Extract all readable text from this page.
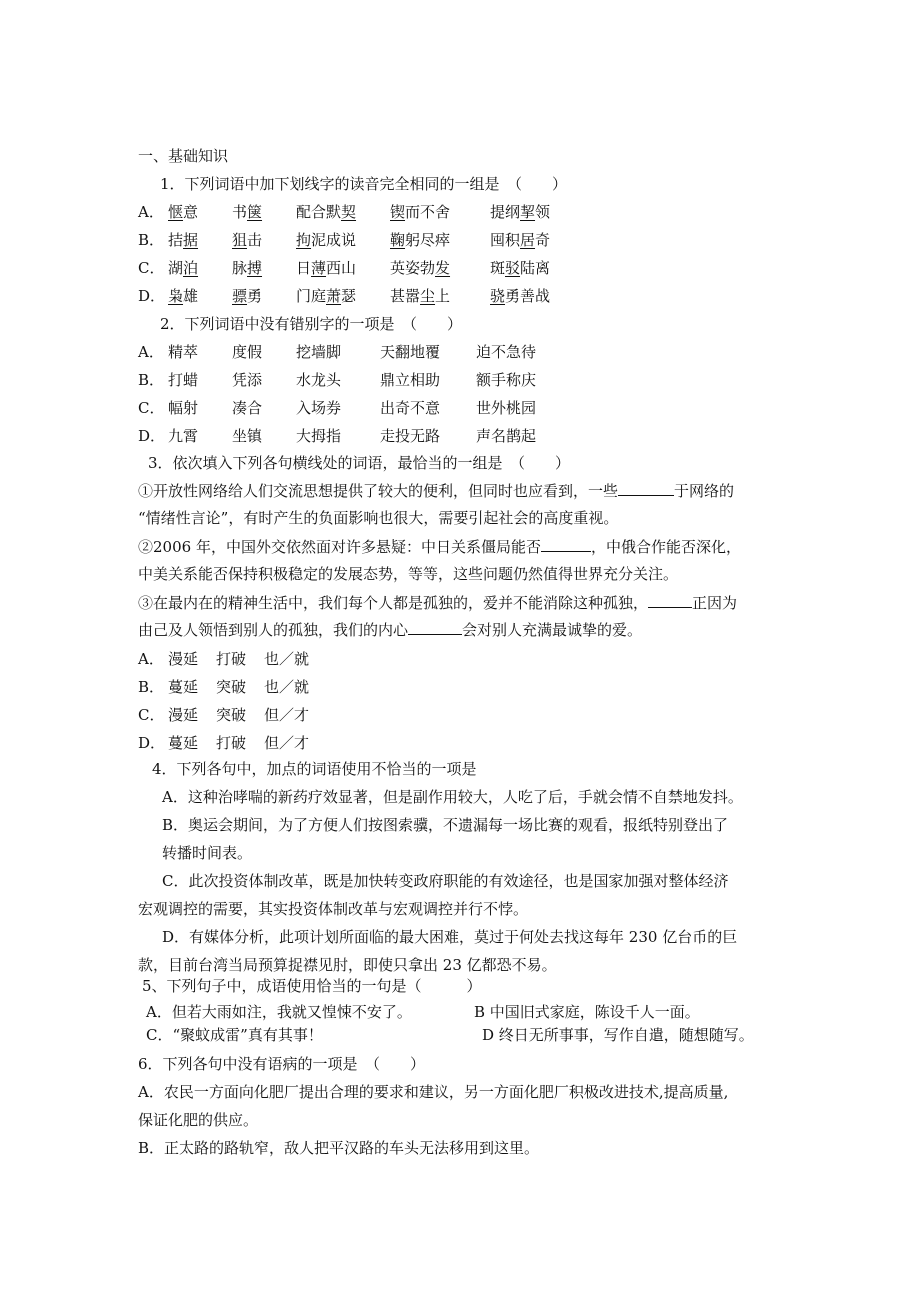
一、基础知识
1．下列词语中加下划线字的读音完全相同的一组是　（　　）
A． 惬意 书箧 配合默契 锲而不舍	提纲挈领
B． 拮据 狙击 拘泥成说 鞠躬尽瘁	囤积居奇
C． 湖泊 脉搏 日薄西山 英姿勃发	斑驳陆离
D． 枭雄 骠勇 门庭萧瑟 甚嚣尘上	骁勇善战
2．下列词语中没有错别字的一项是　（　　）
A． 精萃 度假 挖墙脚	天翻地覆 迫不急待
B． 打蜡 凭添 水龙头	鼎立相助 额手称庆
C． 幅射 凑合 入场券	出奇不意 世外桃园
D． 九霄 坐镇 大拇指	走投无路 声名鹊起
3．依次填入下列各句横线处的词语，最恰当的一组是　（　　）
①开放性网络给人们交流思想提供了较大的便利，但同时也应看到，一些	于网络的
“情绪性言论”，有时产生的负面影响也很大，需要引起社会的高度重视。
②2006 年，中国外交依然面对许多悬疑：中日关系僵局能否	，中俄合作能否深化，
中美关系能否保持积极稳定的发展态势，等等，这些问题仍然值得世界充分关注。
③在最内在的精神生活中，我们每个人都是孤独的，爱并不能消除这种孤独，	正因为
由己及人领悟到别人的孤独，我们的内心	会对别人充满最诚挚的爱。
A． 漫延 打破 也／就
B． 蔓延 突破 也／就
C． 漫延 突破 但／才
D． 蔓延 打破 但／才
4．下列各句中，加点的词语使用不恰当的一项是
A．这种治哮喘的新药疗效显著，但是副作用较大，人吃了后，手就会情不自禁地发抖。
B．奥运会期间，为了方便人们按图索骥，不遗漏每一场比赛的观看，报纸特别登出了
转播时间表。
C．此次投资体制改革，既是加快转变政府职能的有效途径，也是国家加强对整体经济
宏观调控的需要，其实投资体制改革与宏观调控并行不悖。
D．有媒体分析，此项计划所面临的最大困难，莫过于何处去找这每年 230 亿台币的巨
款，目前台湾当局预算捉襟见肘，即使只拿出 23 亿都恐不易。
5、下列句子中，成语使用恰当的一句是（　　　）
A．但若大雨如注，我就又惶悚不安了。	B 中国旧式家庭，陈设千人一面。
C．“聚蚊成雷”真有其事！	D 终日无所事事，写作自遣，随想随写。
6．下列各句中没有语病的一项是　（　　）
A．农民一方面向化肥厂提出合理的要求和建议，另一方面化肥厂积极改进技术,提高质量,
保证化肥的供应。
B．正太路的路轨窄，敌人把平汉路的车头无法移用到这里。
